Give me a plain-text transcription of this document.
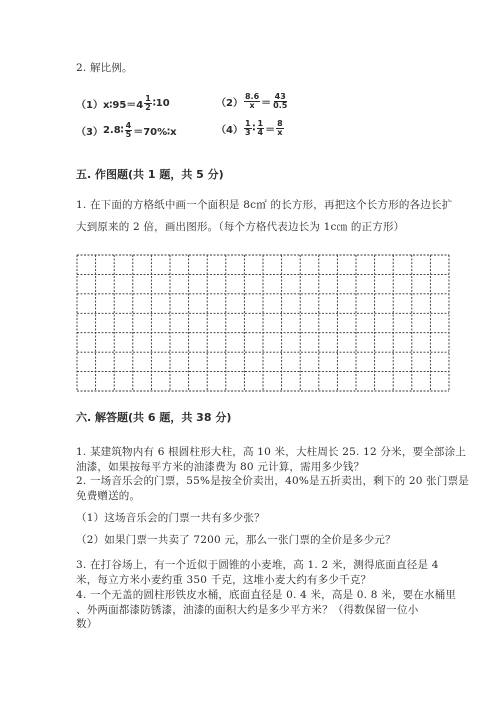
2. 解比例。
（1） x∶95＝4 $\frac{1}{2}$ ∶10	$(2) \frac{8.6}{x} = \frac{43}{0.5}$
（3） 2.8∶ $\frac{4}{5}$ ＝70%∶x	$(4) \frac{1}{3}$ ∶ $\frac{1}{4} = \frac{8}{x}$
五. 作图题(共 1 题，共 5 分)
1. 在下面的方格纸中画一个面积是 8c㎡ 的长方形，再把这个长方形的各边长扩
大到原来的 2 倍，画出图形。（每个方格代表边长为 1c㎝ 的正方形）
六. 解答题(共 6 题，共 38 分)
1. 某建筑物内有 6 根圆柱形大柱，高 10 米，大柱周长 25. 12 分米，要全部涂上
油漆，如果按每平方米的油漆费为 80 元计算，需用多少钱？
2. 一场音乐会的门票，55%是按全价卖出，40%是五折卖出，剩下的 20 张门票是
免费赠送的。
（1）这场音乐会的门票一共有多少张？
（2）如果门票一共卖了 7200 元，那么一张门票的全价是多少元？
3. 在打谷场上，有一个近似于圆锥的小麦堆，高 1. 2 米，测得底面直径是 4
米，每立方米小麦约重 350 千克，这堆小麦大约有多少千克？
4. 一个无盖的圆柱形铁皮水桶，底面直径是 0. 4 米，高是 0. 8 米，要在水桶里
、外两面都漆防锈漆，油漆的面积大约是多少平方米？（得数保留一位小
数）
